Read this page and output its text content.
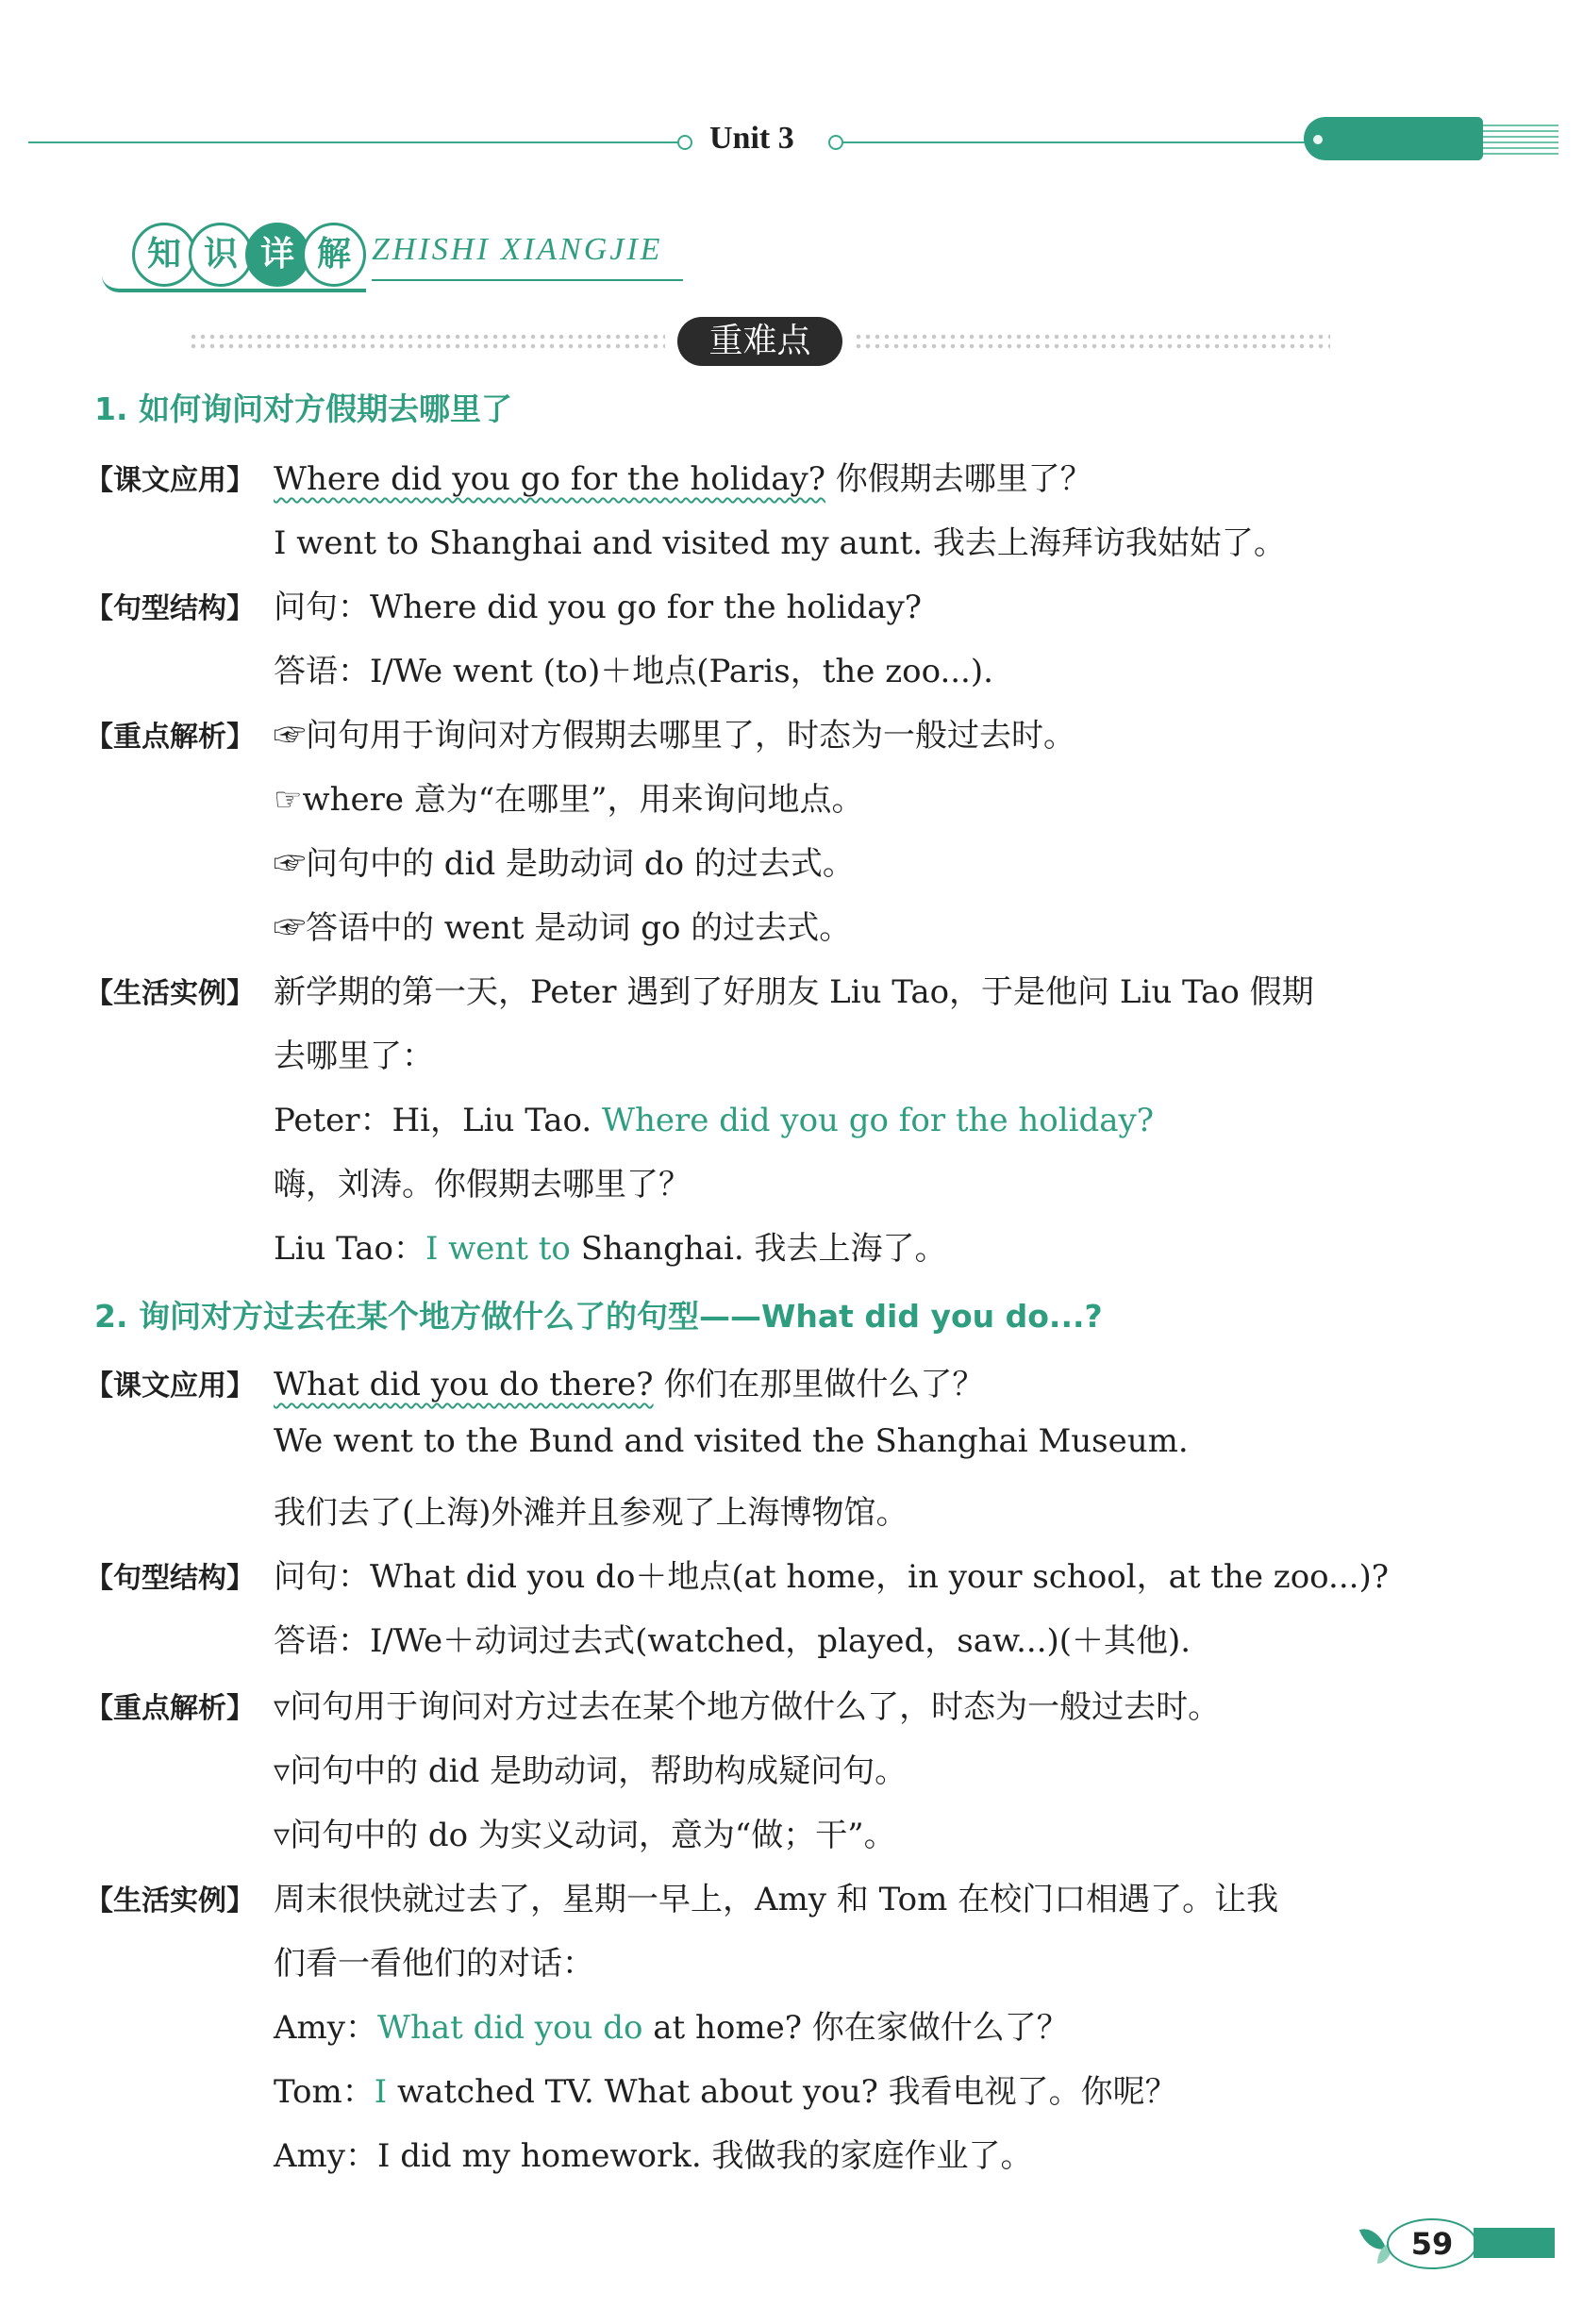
Unit 3
知 识 详 解 ZHISHI XIANGJIE
重难点
1. 如何询问对方假期去哪里了
【课文应用】 Where did you go for the holiday? 你假期去哪里了？
I went to Shanghai and visited my aunt. 我去上海拜访我姑姑了。
【句型结构】 问句：Where did you go for the holiday?
答语：I/We went (to)＋地点(Paris，the zoo...).
【重点解析】 ☞问句用于询问对方假期去哪里了，时态为一般过去时。
☞where 意为“在哪里”，用来询问地点。
☞问句中的 did 是助动词 do 的过去式。
☞答语中的 went 是动词 go 的过去式。
【生活实例】 新学期的第一天，Peter 遇到了好朋友 Liu Tao，于是他问 Liu Tao 假期
去哪里了：
Peter：Hi，Liu Tao. Where did you go for the holiday?
嗨，刘涛。你假期去哪里了？
Liu Tao：I went to Shanghai. 我去上海了。
2. 询问对方过去在某个地方做什么了的句型——What did you do...?
【课文应用】 What did you do there? 你们在那里做什么了？
We went to the Bund and visited the Shanghai Museum.
我们去了(上海)外滩并且参观了上海博物馆。
【句型结构】 问句：What did you do＋地点(at home，in your school，at the zoo...)?
答语：I/We＋动词过去式(watched，played，saw...)(＋其他).
【重点解析】 ▿问句用于询问对方过去在某个地方做什么了，时态为一般过去时。
▿问句中的 did 是助动词，帮助构成疑问句。
▿问句中的 do 为实义动词，意为“做；干”。
【生活实例】 周末很快就过去了，星期一早上，Amy 和 Tom 在校门口相遇了。让我
们看一看他们的对话：
Amy：What did you do at home? 你在家做什么了？
Tom：I watched TV. What about you? 我看电视了。你呢？
Amy：I did my homework. 我做我的家庭作业了。
59
